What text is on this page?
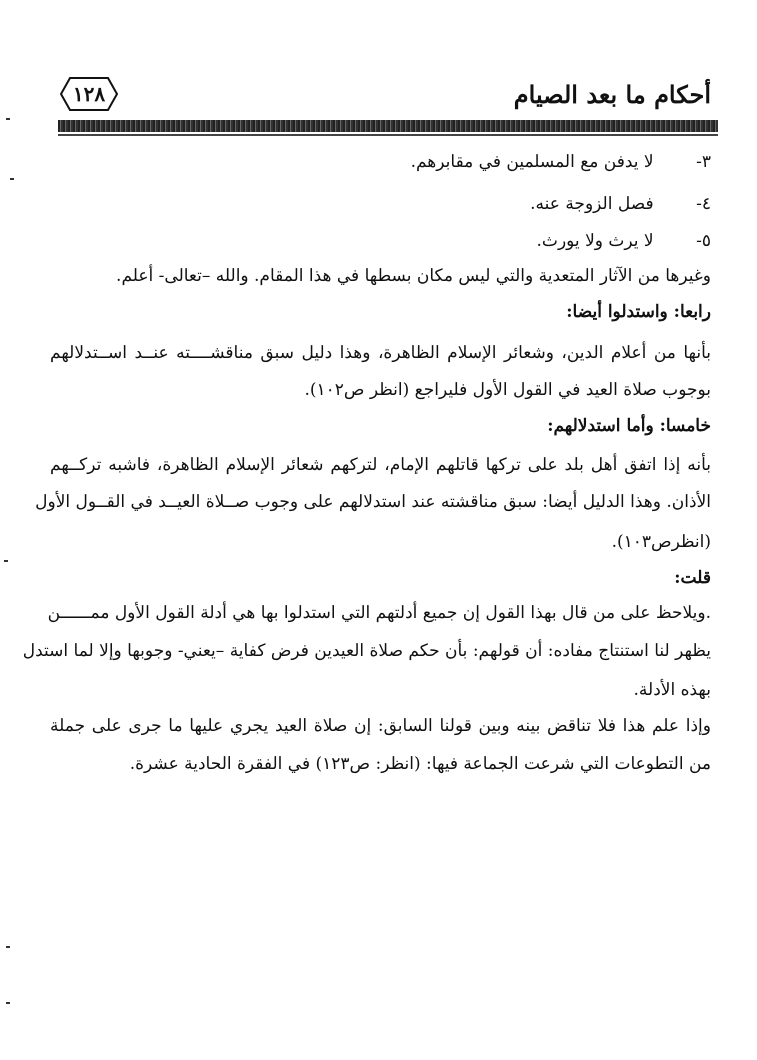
١٢٨	أحكام ما بعد الصيام
٣- لا يدفن مع المسلمين في مقابرهم.
٤- فصل الزوجة عنه.
٥- لا يرث ولا يورث.
وغيرها من الآثار المتعدية والتي ليس مكان بسطها في هذا المقام. والله –تعالى- أعلم.
رابعا: واستدلوا أيضا:
بأنها من أعلام الدين، وشعائر الإسلام الظاهرة، وهذا دليل سبق مناقشــــته عنــد اســتدلالهم
بوجوب صلاة العيد في القول الأول فليراجع (انظر ص١٠٢).
خامسا: وأما استدلالهم:
بأنه إذا اتفق أهل بلد على تركها قاتلهم الإمام، لتركهم شعائر الإسلام الظاهرة، فاشبه تركــهم
الأذان. وهذا الدليل أيضا: سبق مناقشته عند استدلالهم على وجوب صــلاة العيــد في القــول الأول
(انظرص١٠٣).
قلت:
.ويلاحظ على من قال بهذا القول إن جميع أدلتهم التي استدلوا بها هي أدلة القول الأول ممــــــن
يظهر لنا استنتاج مفاده: أن قولهم: بأن حكم صلاة العيدين فرض كفاية –يعني- وجوبها وإلا لما استدل
بهذه الأدلة.
وإذا علم هذا فلا تناقض بينه وبين قولنا السابق: إن صلاة العيد يجري عليها ما جرى على جملة
من التطوعات التي شرعت الجماعة فيها: (انظر: ص١٢٣) في الفقرة الحادية عشرة.
